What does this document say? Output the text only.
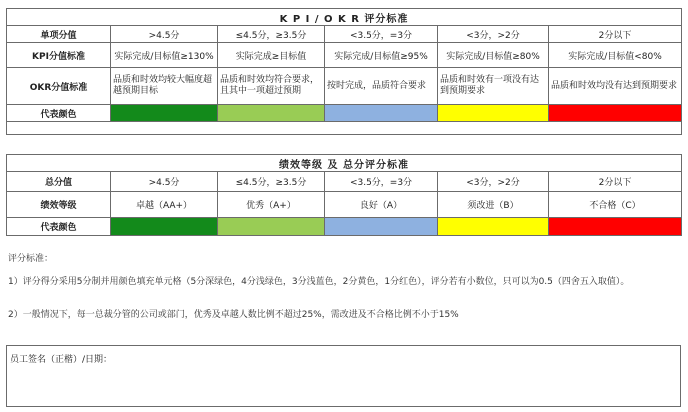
K P I / O K R 评分标准					
单项分值	>4.5分	≤4.5分，≥3.5分	<3.5分，=3分	<3分，>2分	2分以下
KPI分值标准	实际完成/目标值≥130%	实际完成≥目标值	实际完成/目标值≥95%	实际完成/目标值≥80%	实际完成/目标值<80%
OKR分值标准	品质和时效均较大幅度超越预期目标	品质和时效均符合要求，且其中一项超过预期	按时完成，品质符合要求	品质和时效有一项没有达到预期要求	品质和时效均没有达到预期要求
代表颜色					

绩效等级 及 总分评分标准					
总分值	>4.5分	≤4.5分，≥3.5分	<3.5分，=3分	<3分，>2分	2分以下
绩效等级	卓越（AA+）	优秀（A+）	良好（A）	须改进（B）	不合格（C）
代表颜色					
评分标准：
1）评分得分采用5分制并用颜色填充单元格（5分深绿色，4分浅绿色，3分浅蓝色，2分黄色，1分红色），评分若有小数位，只可以为0.5（四舍五入取值）。
2）一般情况下，每一总裁分管的公司或部门，优秀及卓越人数比例不超过25%，需改进及不合格比例不小于15%
员工签名（正楷）/日期：
